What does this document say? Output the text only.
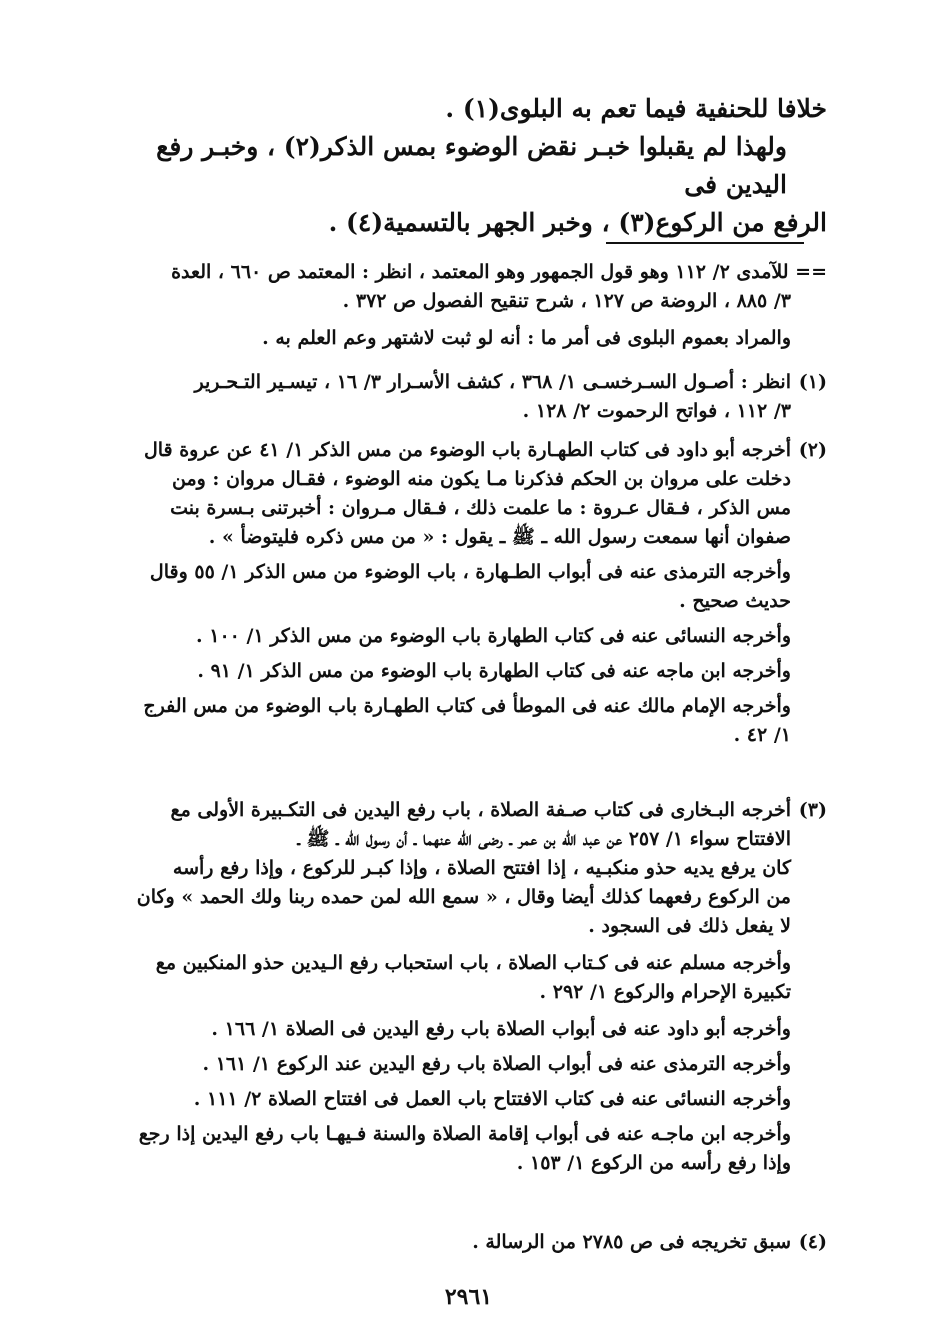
خلافا للحنفية فيما تعم به البلوى(١) .

ولهذا لم يقبلوا خبـر نقض الوضوء بمس الذكر(٢) ، وخبـر رفع اليدين فى

الرفع من الركوع(٣) ، وخبر الجهر بالتسمية(٤) .

== للآمدى ٢/ ١١٢ وهو قول الجمهور وهو المعتمد ، انظر : المعتمد ص ٦٦٠ ، العدة

٣/ ٨٨٥ ، الروضة ص ١٢٧ ، شرح تنقيح الفصول ص ٣٧٢ .

والمراد بعموم البلوى فى أمر ما : أنه لو ثبت لاشتهر وعم العلم به .

(١)انظر : أصـول السـرخسـى ١/ ٣٦٨ ، كشف الأسـرار ٣/ ١٦ ، تيسـير التـحـرير

٣/ ١١٢ ، فواتح الرحموت ٢/ ١٢٨ .

(٢)أخرجه أبو داود فى كتاب الطهـارة باب الوضوء من مس الذكر ١/ ٤١ عن عروة قال

دخلت على مروان بن الحكم فذكرنا مـا يكون منه الوضوء ، فقـال مروان : ومن

مس الذكر ، فـقال عـروة : ما علمت ذلك ، فـقال مـروان : أخبرتنى بـسرة بنت

صفوان أنها سمعت رسول الله ـ ﷺ ـ يقول : « من مس ذكره فليتوضأ » .

وأخرجه الترمذى عنه فى أبواب الطـهارة ، باب الوضوء من مس الذكر ١/ ٥٥ وقال

حديث صحيح .

وأخرجه النسائى عنه فى كتاب الطهارة باب الوضوء من مس الذكر ١/ ١٠٠ .

وأخرجه ابن ماجه عنه فى كتاب الطهارة باب الوضوء من مس الذكر ١/ ٩١ .

وأخرجه الإمام مالك عنه فى الموطأ فى كتاب الطهـارة باب الوضوء من مس الفرج

١/ ٤٢ .

(٣)أخرجه البـخارى فى كتاب صـفة الصلاة ، باب رفع اليدين فى التكـبيرة الأولى مع

الافتتاح سواء ١/ ٢٥٧ عن عبد الله بن عمر ـ رضى الله عنهما ـ أن رسول الله ـ ﷺ ـ

كان يرفع يديه حذو منكبـيه ، إذا افتتح الصلاة ، وإذا كبـر للركوع ، وإذا رفع رأسه

من الركوع رفعهما كذلك أيضا وقال ، « سمع الله لمن حمده ربنا ولك الحمد » وكان

لا يفعل ذلك فى السجود .

وأخرجه مسلم عنه فى كـتاب الصلاة ، باب استحباب رفع الـيدين حذو المنكبين مع

تكبيرة الإحرام والركوع ١/ ٢٩٢ .

وأخرجه أبو داود عنه فى أبواب الصلاة باب رفع اليدين فى الصلاة ١/ ١٦٦ .

وأخرجه الترمذى عنه فى أبواب الصلاة باب رفع اليدين عند الركوع ١/ ١٦١ .

وأخرجه النسائى عنه فى كتاب الافتتاح باب العمل فى افتتاح الصلاة ٢/ ١١١ .

وأخرجه ابن ماجـه عنه فى أبواب إقامة الصلاة والسنة فـيهـا باب رفع اليدين إذا رجع

وإذا رفع رأسه من الركوع ١/ ١٥٣ .

(٤)سبق تخريجه فى ص ٢٧٨٥ من الرسالة .

٢٩٦١
